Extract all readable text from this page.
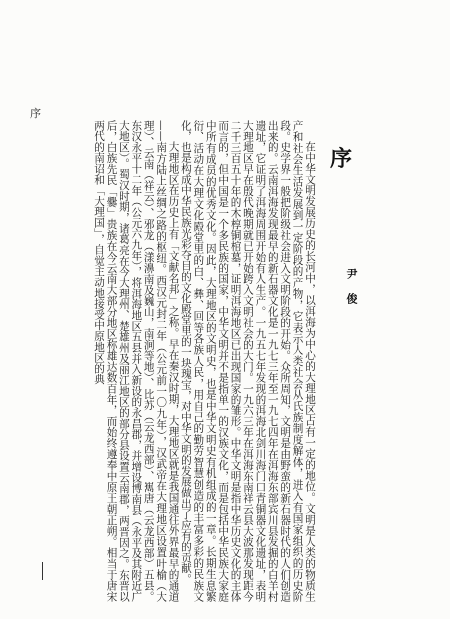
序
序
尹 俊

在中华文明发展历史的长河中，以洱海为中心的大理地区占有一定的地位。文明是人类的物质生产和社会生活发展到一定阶段的产物，它表示人类社会从氏族制度解体，进入有国家组织的历史阶段。史学界一般把阶级社会进入文明阶段的开始。众所周知，文明是由野蛮的新石器时代的人们创造出来的。云南洱海发现最早的新石器文化是一九七三年至一九七四年在洱海东部宾川县发掘的白羊村遗址，它证明了洱海周围开始有人生产。一九五七年发现的洱海北剑川海门口青铜器文化遗址，表明大理地区早在殷代晚期就已开始跨入文明社会的大门。一九六三年在洱海东南祥云县大波那发现距今二千三百五十年的木椁铜棺墓，证明洱海地区已出现国家的雏形。中华文明是指中华历史文化的主体而言的，但中国是一个多民族的国家，中华文明并不是指单一的汉族文化，而是包括中华民族大家庭中所有成员的优秀文化。因此，大理地区的文明史，也是中华文明史有机组成的一章。长期生息繁衍、活动在大理文化殿堂里的白、彝、回等各族人民，用自己的勤劳智慧创造的丰富多彩的民族文化，也是构成中华民族光彩夺目的文化殿堂里的一块瑰宝，对中华文明的发展做出了应有的贡献。

大理地区在历史上有「文献名邦」之称。早在秦汉时期，大理地区就是我国通往外界最早的通道——南方陆上丝绸之路的枢纽。西汉元封二年（公元前一〇九年），汉武帝在大理地区设置叶榆（大理）、云南（祥云）、邪龙（漾濞南及巍山，南涧等地）、比苏（云龙西部）、嶲唐（云龙西部）五县。东汉永平十二年（公元六九年），将洱海地区五县并入新设的永昌郡，并增设博南县（永平及其附近广大地区）。蜀汉时期，诸葛亮在今大理州、楚雄州及丽江地区的部分县设置云南郡，两晋因之。东晋以后，白族先民「爨」贵族在今云南大部分地区称雄达数百年，而始终遵奉中原王朝正朔。相当于唐宋两代的南诏和「大理国」，自觉主动地接受中原地区的典
